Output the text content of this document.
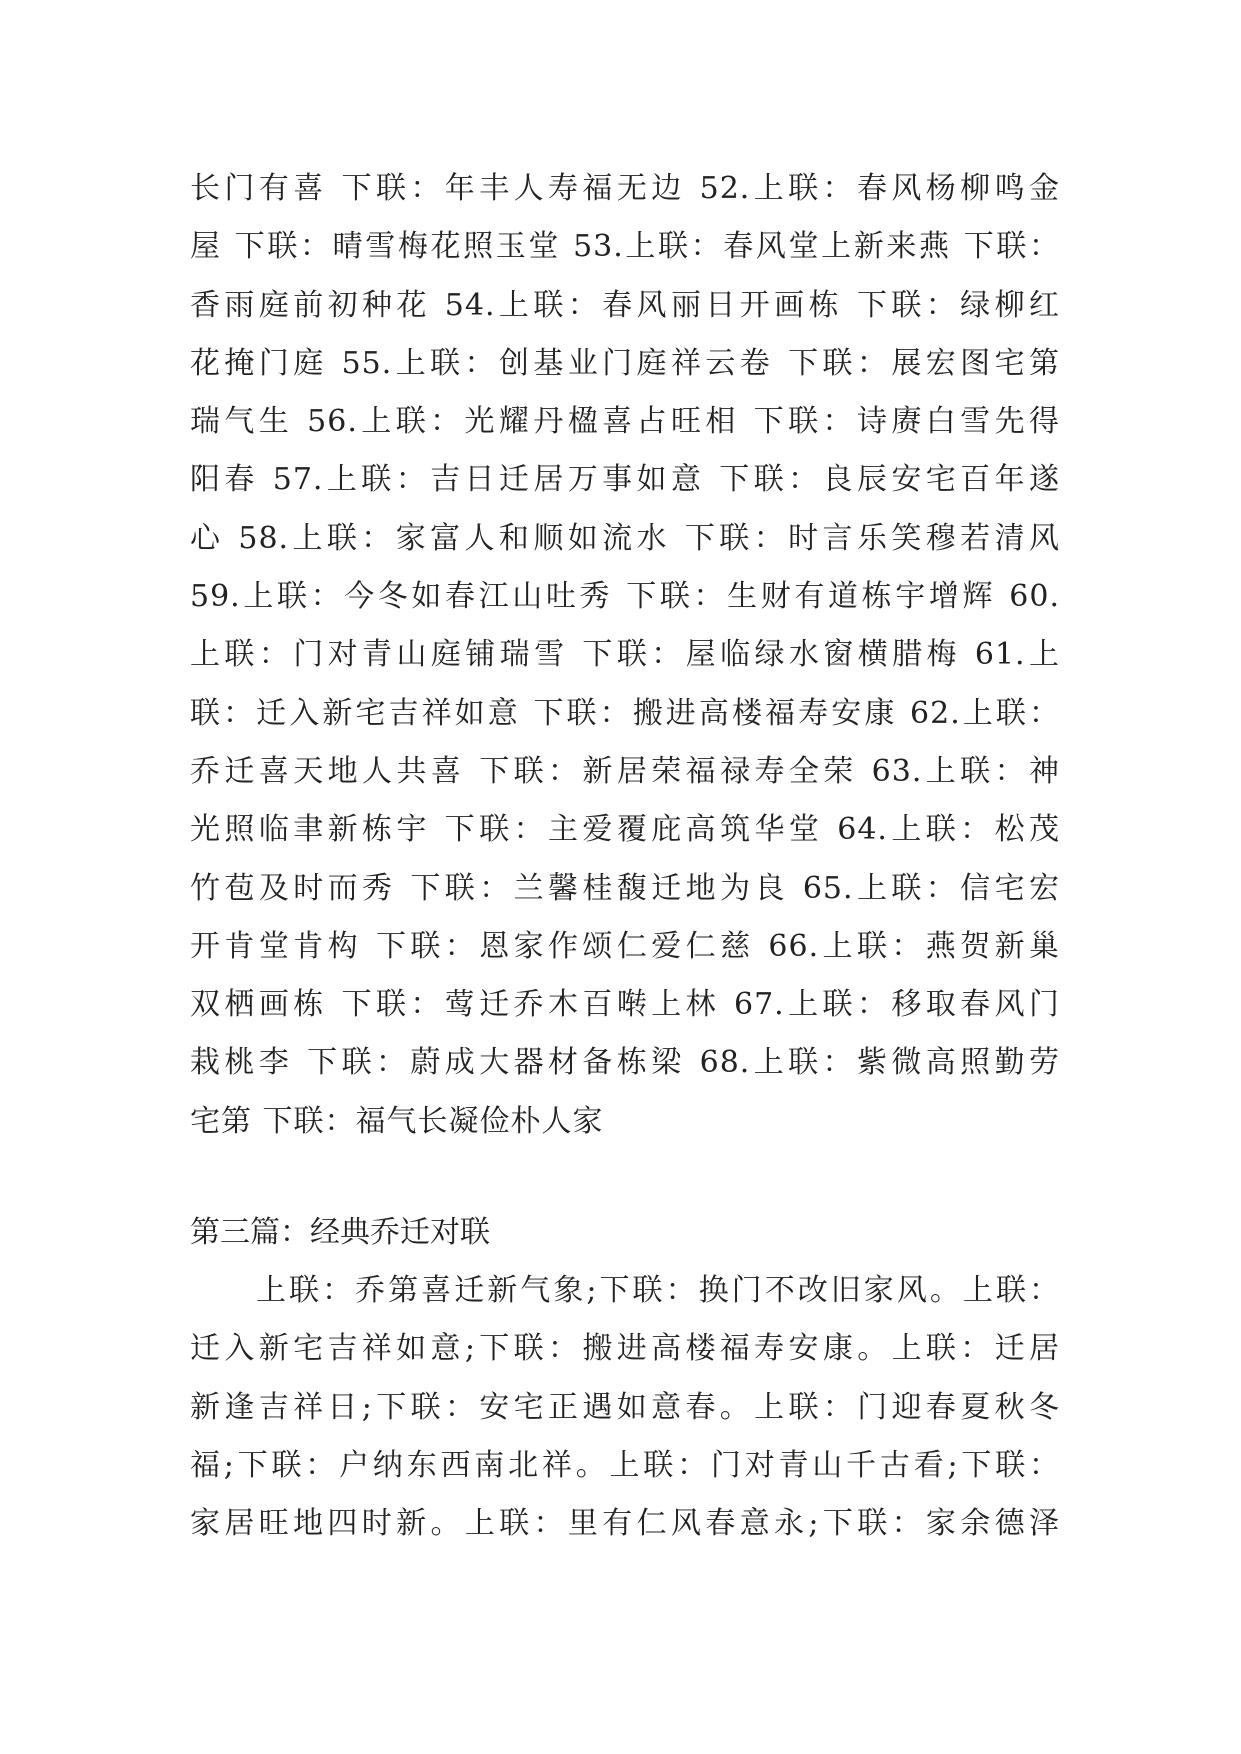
长门有喜 下联：年丰人寿福无边 52.上联：春风杨柳鸣金
屋 下联：晴雪梅花照玉堂 53.上联：春风堂上新来燕 下联：
香雨庭前初种花 54.上联：春风丽日开画栋 下联：绿柳红
花掩门庭 55.上联：创基业门庭祥云卷 下联：展宏图宅第
瑞气生 56.上联：光耀丹楹喜占旺相 下联：诗赓白雪先得
阳春 57.上联：吉日迁居万事如意 下联：良辰安宅百年遂
心 58.上联：家富人和顺如流水 下联：时言乐笑穆若清风
59.上联：今冬如春江山吐秀 下联：生财有道栋宇增辉 60.
上联：门对青山庭铺瑞雪 下联：屋临绿水窗横腊梅 61.上
联：迁入新宅吉祥如意 下联：搬进高楼福寿安康 62.上联：
乔迁喜天地人共喜 下联：新居荣福禄寿全荣 63.上联：神
光照临聿新栋宇 下联：主爱覆庇高筑华堂 64.上联：松茂
竹苞及时而秀 下联：兰馨桂馥迁地为良 65.上联：信宅宏
开肯堂肯构 下联：恩家作颂仁爱仁慈 66.上联：燕贺新巢
双栖画栋 下联：莺迁乔木百啭上林 67.上联：移取春风门
栽桃李 下联：蔚成大器材备栋梁 68.上联：紫微高照勤劳
宅第 下联：福气长凝俭朴人家
第三篇：经典乔迁对联
上联：乔第喜迁新气象;下联：换门不改旧家风。上联：
迁入新宅吉祥如意;下联：搬进高楼福寿安康。上联：迁居
新逢吉祥日;下联：安宅正遇如意春。上联：门迎春夏秋冬
福;下联：户纳东西南北祥。上联：门对青山千古看;下联：
家居旺地四时新。上联：里有仁风春意永;下联：家余德泽
